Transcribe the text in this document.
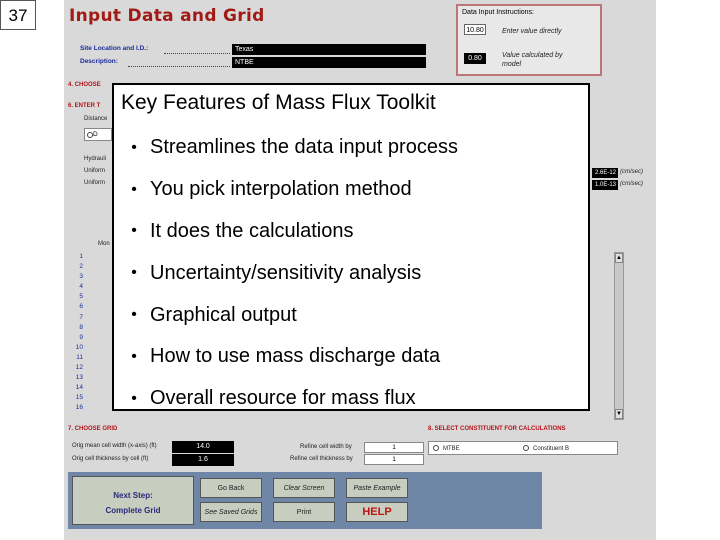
37	Input Data and Grid	Data Input Instructions:
10.80	Enter value directly
0.80	Value calculated by
model
Site Location and I.D.:	Texas
Description:	NTBE
4. CHOOSE
6. ENTER T
Distance
D
Hydrauli
Uniform
Uniform
2.6E-12 (cm/sec)
1.0E-13 (cm/sec)
Mon
1
2
3
4
5
6
7
8
9
10
11
12
13
14
15
16
▲
▼
7. CHOOSE GRID
Orig mean cell width (x-axis) (ft)	14.0
Orig cell thickness by cell (ft)	1.6
Refine cell width by	1
Refine cell thickness by	1
8. SELECT CONSTITUENT FOR CALCULATIONS
MTBE	Constituent B
Next Step:
Complete Grid
Go Back	Clear Screen	Paste Example
See Saved Grids	Print	HELP
Key Features of Mass Flux Toolkit
• Streamlines the data input process
• You pick interpolation method
• It does the calculations
• Uncertainty/sensitivity analysis
• Graphical output
• How to use mass discharge data
• Overall resource for mass flux
